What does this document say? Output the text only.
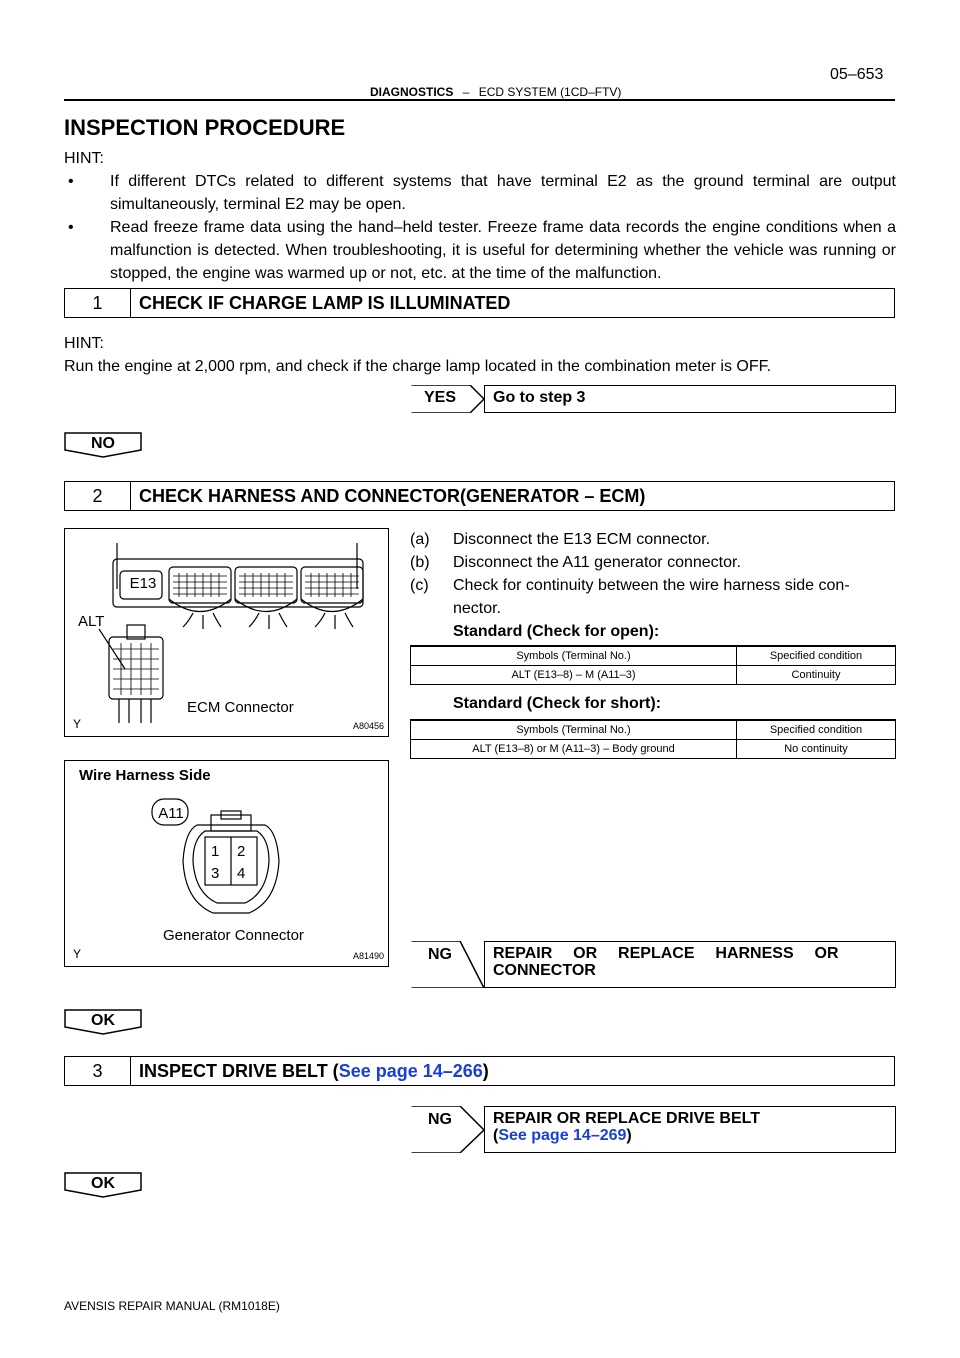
05–653
DIAGNOSTICS – ECD SYSTEM (1CD–FTV)
INSPECTION PROCEDURE
HINT:
• If different DTCs related to different systems that have terminal E2 as the ground terminal are output simultaneously, terminal E2 may be open.
• Read freeze frame data using the hand–held tester. Freeze frame data records the engine conditions when a malfunction is detected. When troubleshooting, it is useful for determining whether the vehicle was running or stopped, the engine was warmed up or not, etc. at the time of the malfunction.
1	CHECK IF CHARGE LAMP IS ILLUMINATED
HINT:
Run the engine at 2,000 rpm, and check if the charge lamp located in the combination meter is OFF.
YES	Go to step 3
NO
2	CHECK HARNESS AND CONNECTOR(GENERATOR – ECM)
E13
ALT
ECM Connector
Y	A80456
Wire Harness Side
A11
1 2
3 4
Generator Connector
Y	A81490
(a) Disconnect the E13 ECM connector.
(b) Disconnect the A11 generator connector.
(c) Check for continuity between the wire harness side con-
nector.
Standard (Check for open):
Symbols (Terminal No.)	Specified condition
ALT (E13–8) – M (A11–3)	Continuity
Standard (Check for short):
Symbols (Terminal No.)	Specified condition
ALT (E13–8) or M (A11–3) – Body ground	No continuity
NG	REPAIR  OR  REPLACE  HARNESS  OR
CONNECTOR
OK
3	INSPECT DRIVE BELT (See page 14–266)
NG	REPAIR OR REPLACE DRIVE BELT
(See page 14–269)
OK
AVENSIS REPAIR MANUAL (RM1018E)
